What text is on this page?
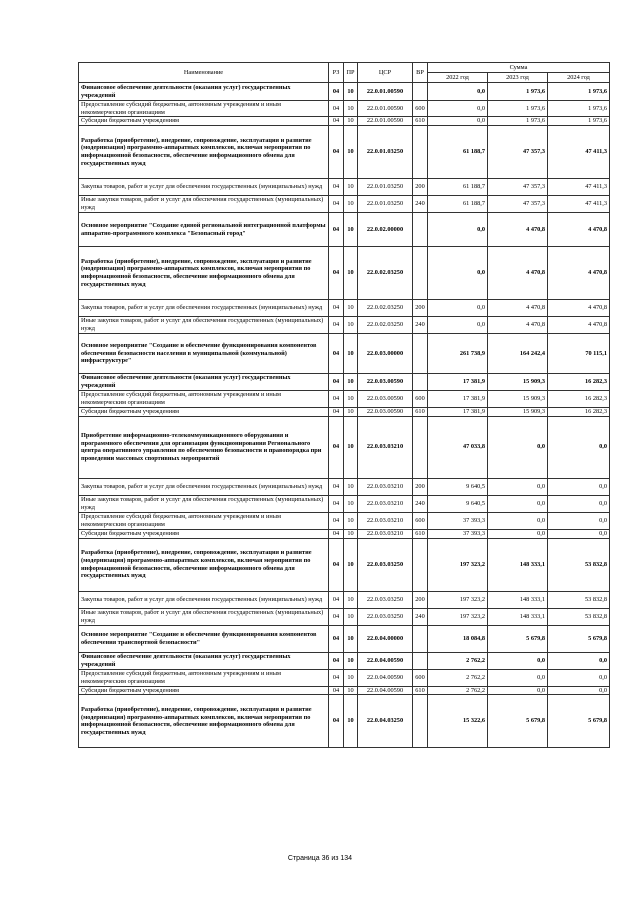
Наименование	РЗ	ПР	ЦСР	ВР	Сумма		
					2022 год	2023 год	2024 год
Финансовое обеспечение деятельности (оказания услуг) государственных учреждений	04	10	22.0.01.00590		0,0	1 973,6	1 973,6
Предоставление субсидий бюджетным, автономным учреждениям и иным некоммерческим организациям	04	10	22.0.01.00590	600	0,0	1 973,6	1 973,6
Субсидии бюджетным учреждениям	04	10	22.0.01.00590	610	0,0	1 973,6	1 973,6
Разработка (приобретение), внедрение, сопровождение, эксплуатация и развитие (модернизация) программно-аппаратных комплексов, включая мероприятия по информационной безопасности, обеспечение информационного обмена для государственных нужд	04	10	22.0.01.03250		61 188,7	47 357,3	47 411,3
Закупка товаров, работ и услуг для обеспечения государственных (муниципальных) нужд	04	10	22.0.01.03250	200	61 188,7	47 357,3	47 411,3
Иные закупки товаров, работ и услуг для обеспечения государственных (муниципальных) нужд	04	10	22.0.01.03250	240	61 188,7	47 357,3	47 411,3
Основное мероприятие "Создание единой региональной интеграционной платформы аппаратно-программного комплекса "Безопасный город"	04	10	22.0.02.00000		0,0	4 470,8	4 470,8
Разработка (приобретение), внедрение, сопровождение, эксплуатация и развитие (модернизация) программно-аппаратных комплексов, включая мероприятия по информационной безопасности, обеспечение информационного обмена для государственных нужд	04	10	22.0.02.03250		0,0	4 470,8	4 470,8
Закупка товаров, работ и услуг для обеспечения государственных (муниципальных) нужд	04	10	22.0.02.03250	200	0,0	4 470,8	4 470,8
Иные закупки товаров, работ и услуг для обеспечения государственных (муниципальных) нужд	04	10	22.0.02.03250	240	0,0	4 470,8	4 470,8
Основное мероприятие "Создание и обеспечение функционирования компонентов обеспечения безопасности населения в муниципальной (коммунальной) инфраструктуре"	04	10	22.0.03.00000		261 738,9	164 242,4	70 115,1
Финансовое обеспечение деятельности (оказания услуг) государственных учреждений	04	10	22.0.03.00590		17 381,9	15 909,3	16 282,3
Предоставление субсидий бюджетным, автономным учреждениям и иным некоммерческим организациям	04	10	22.0.03.00590	600	17 381,9	15 909,3	16 282,3
Субсидии бюджетным учреждениям	04	10	22.0.03.00590	610	17 381,9	15 909,3	16 282,3
Приобретение информационно-телекоммуникационного оборудования и программного обеспечения для организации функционирования Регионального центра оперативного управления по обеспечению безопасности и правопорядка при проведении массовых спортивных мероприятий	04	10	22.0.03.03210		47 033,8	0,0	0,0
Закупка товаров, работ и услуг для обеспечения государственных (муниципальных) нужд	04	10	22.0.03.03210	200	9 640,5	0,0	0,0
Иные закупки товаров, работ и услуг для обеспечения государственных (муниципальных) нужд	04	10	22.0.03.03210	240	9 640,5	0,0	0,0
Предоставление субсидий бюджетным, автономным учреждениям и иным некоммерческим организациям	04	10	22.0.03.03210	600	37 393,3	0,0	0,0
Субсидии бюджетным учреждениям	04	10	22.0.03.03210	610	37 393,3	0,0	0,0
Разработка (приобретение), внедрение, сопровождение, эксплуатация и развитие (модернизация) программно-аппаратных комплексов, включая мероприятия по информационной безопасности, обеспечение информационного обмена для государственных нужд	04	10	22.0.03.03250		197 323,2	148 333,1	53 832,8
Закупка товаров, работ и услуг для обеспечения государственных (муниципальных) нужд	04	10	22.0.03.03250	200	197 323,2	148 333,1	53 832,8
Иные закупки товаров, работ и услуг для обеспечения государственных (муниципальных) нужд	04	10	22.0.03.03250	240	197 323,2	148 333,1	53 832,8
Основное мероприятие "Создание и обеспечение функционирования компонентов обеспечения транспортной безопасности"	04	10	22.0.04.00000		18 084,8	5 679,8	5 679,8
Финансовое обеспечение деятельности (оказания услуг) государственных учреждений	04	10	22.0.04.00590		2 762,2	0,0	0,0
Предоставление субсидий бюджетным, автономным учреждениям и иным некоммерческим организациям	04	10	22.0.04.00590	600	2 762,2	0,0	0,0
Субсидии бюджетным учреждениям	04	10	22.0.04.00590	610	2 762,2	0,0	0,0
Разработка (приобретение), внедрение, сопровождение, эксплуатация и развитие (модернизация) программно-аппаратных комплексов, включая мероприятия по информационной безопасности, обеспечение информационного обмена для государственных нужд	04	10	22.0.04.03250		15 322,6	5 679,8	5 679,8
Страница 36 из 134
